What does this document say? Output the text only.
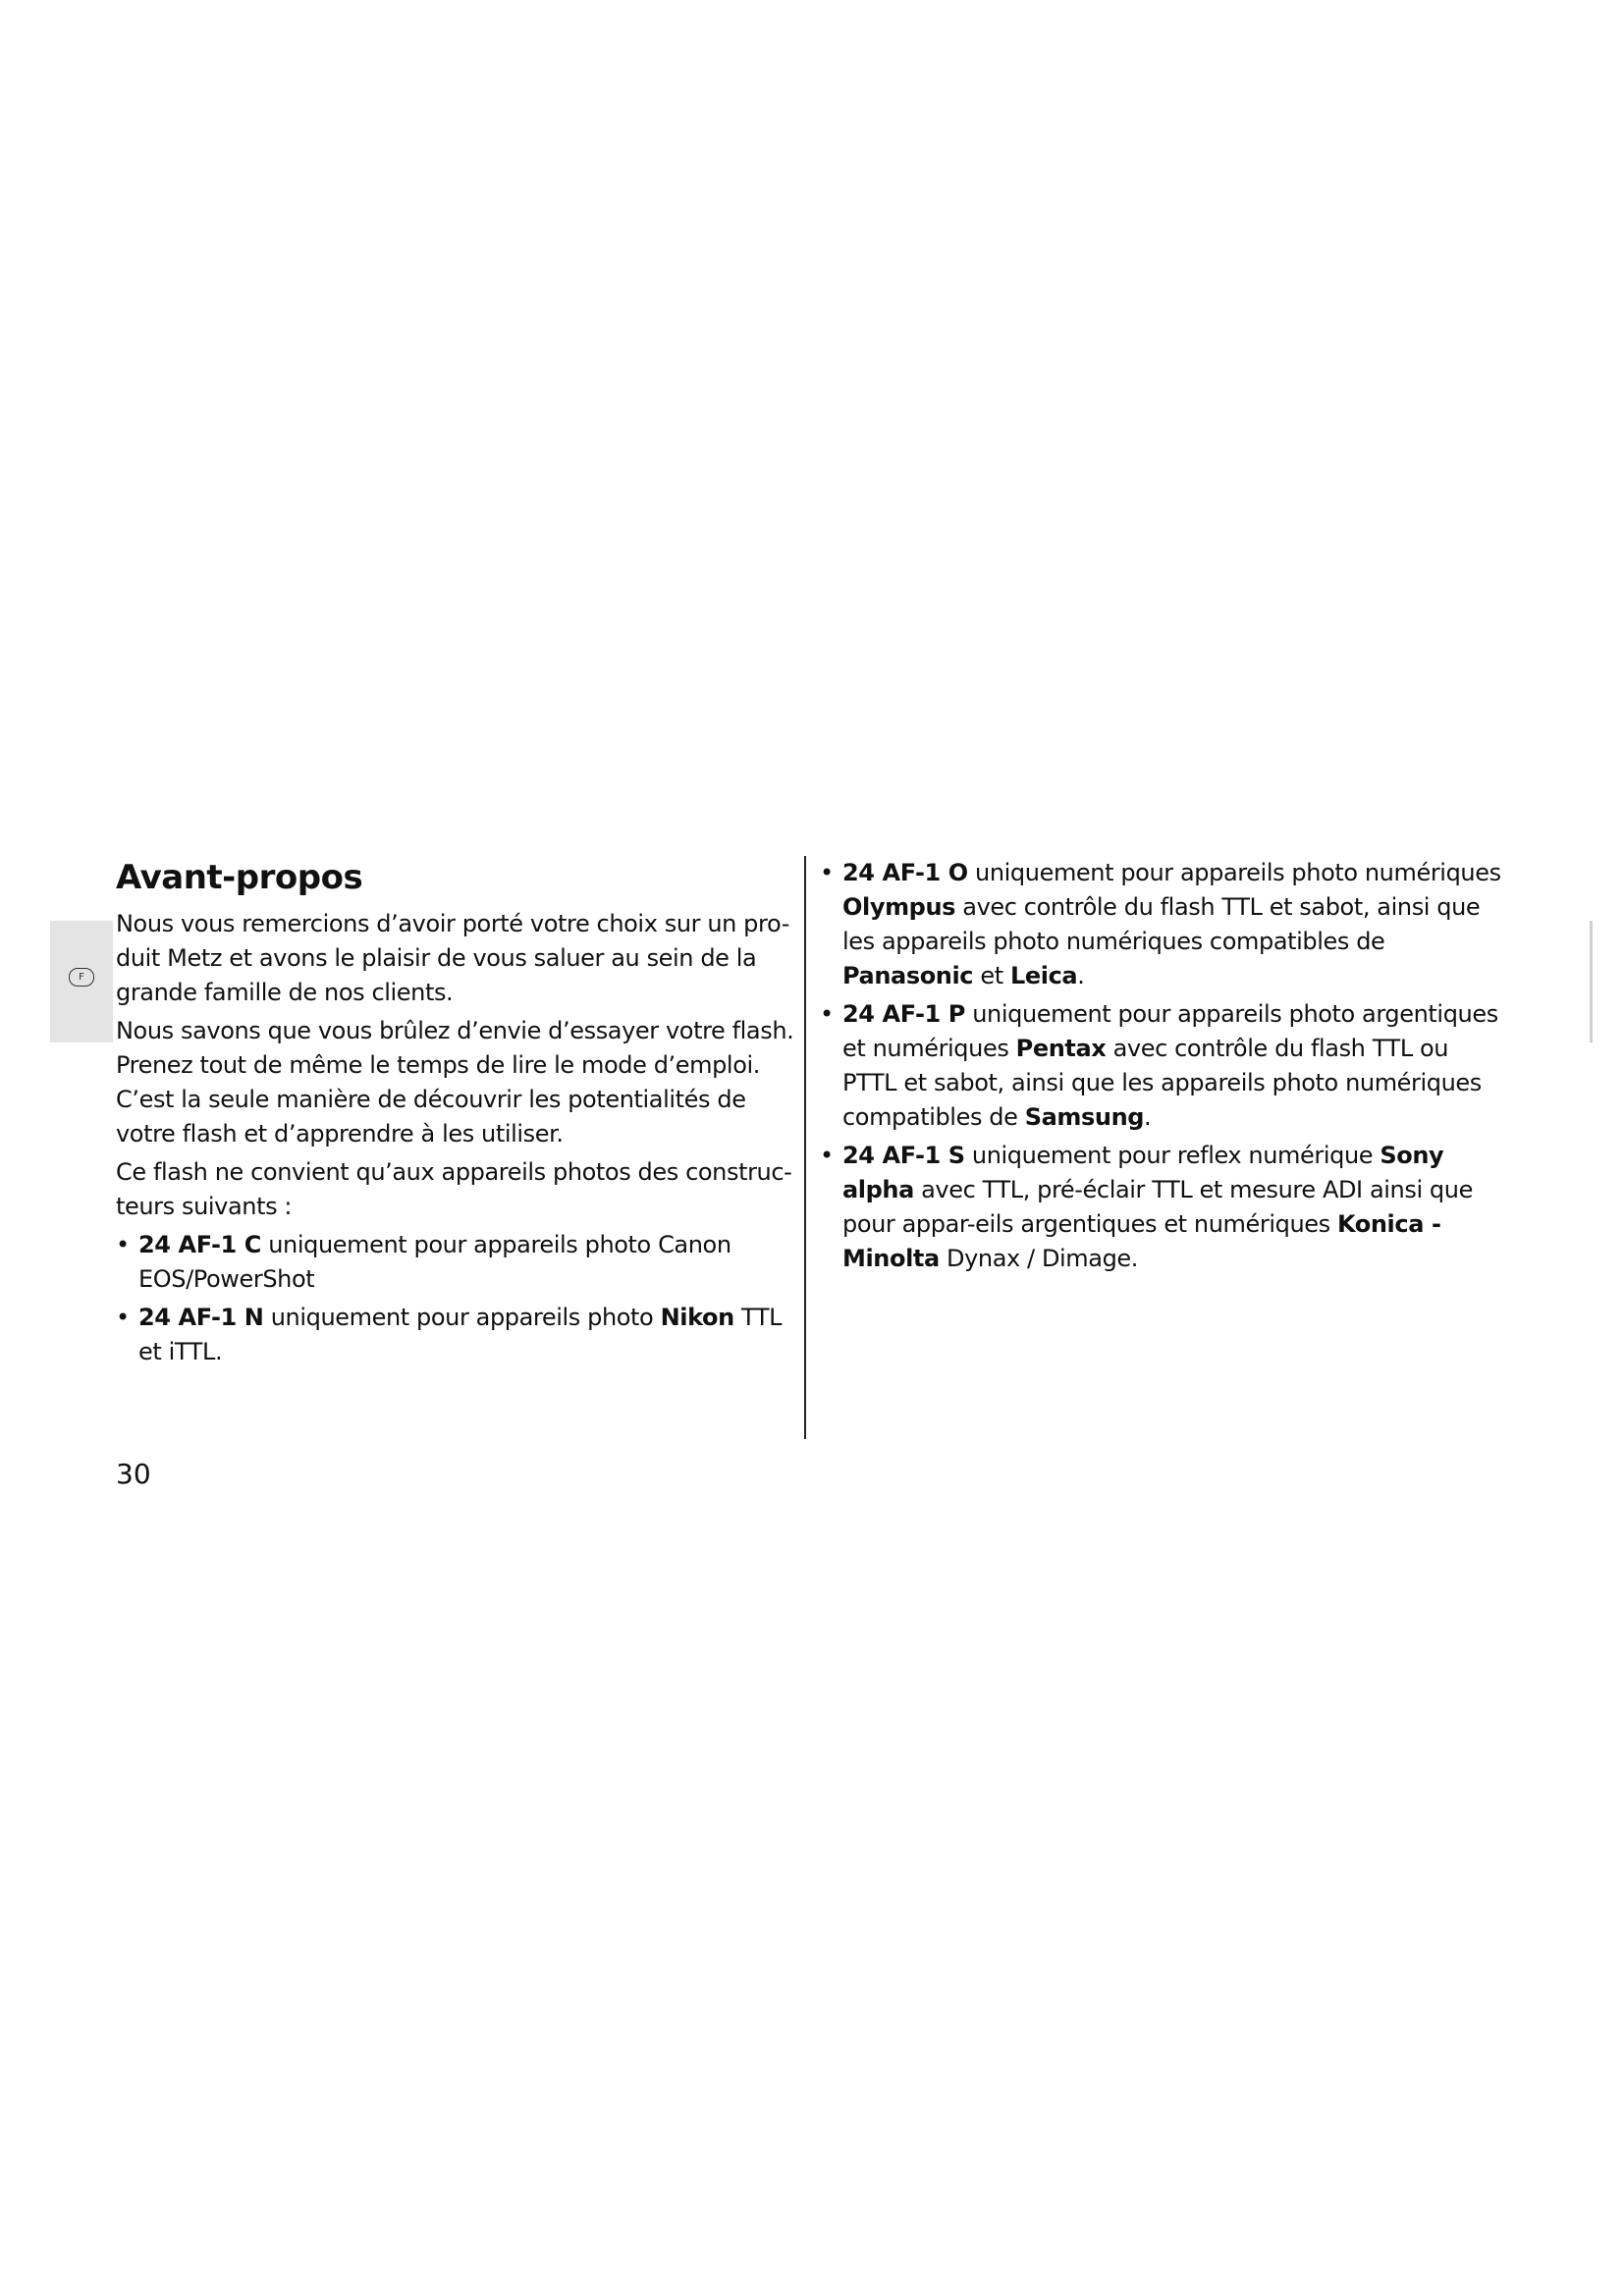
F
Avant-propos

Nous vous remercions d’avoir porté votre choix sur un pro-duit Metz et avons le plaisir de vous saluer au sein de la grande famille de nos clients.

Nous savons que vous brûlez d’envie d’essayer votre flash. Prenez tout de même le temps de lire le mode d’emploi. C’est la seule manière de découvrir les potentialités de votre flash et d’apprendre à les utiliser.

Ce flash ne convient qu’aux appareils photos des construc-teurs suivants :

• 24 AF-1 C uniquement pour appareils photo Canon EOS/PowerShot
• 24 AF-1 N uniquement pour appareils photo Nikon TTL et iTTL.
• 24 AF-1 O uniquement pour appareils photo numériques Olympus avec contrôle du flash TTL et sabot, ainsi que les appareils photo numériques compatibles de Panasonic et Leica.
• 24 AF-1 P uniquement pour appareils photo argentiques et numériques Pentax avec contrôle du flash TTL ou PTTL et sabot, ainsi que les appareils photo numériques compatibles de Samsung.
• 24 AF-1 S uniquement pour reflex numérique Sony alpha avec TTL, pré-éclair TTL et mesure ADI ainsi que pour appar-eils argentiques et numériques Konica - Minolta Dynax / Dimage.
30
